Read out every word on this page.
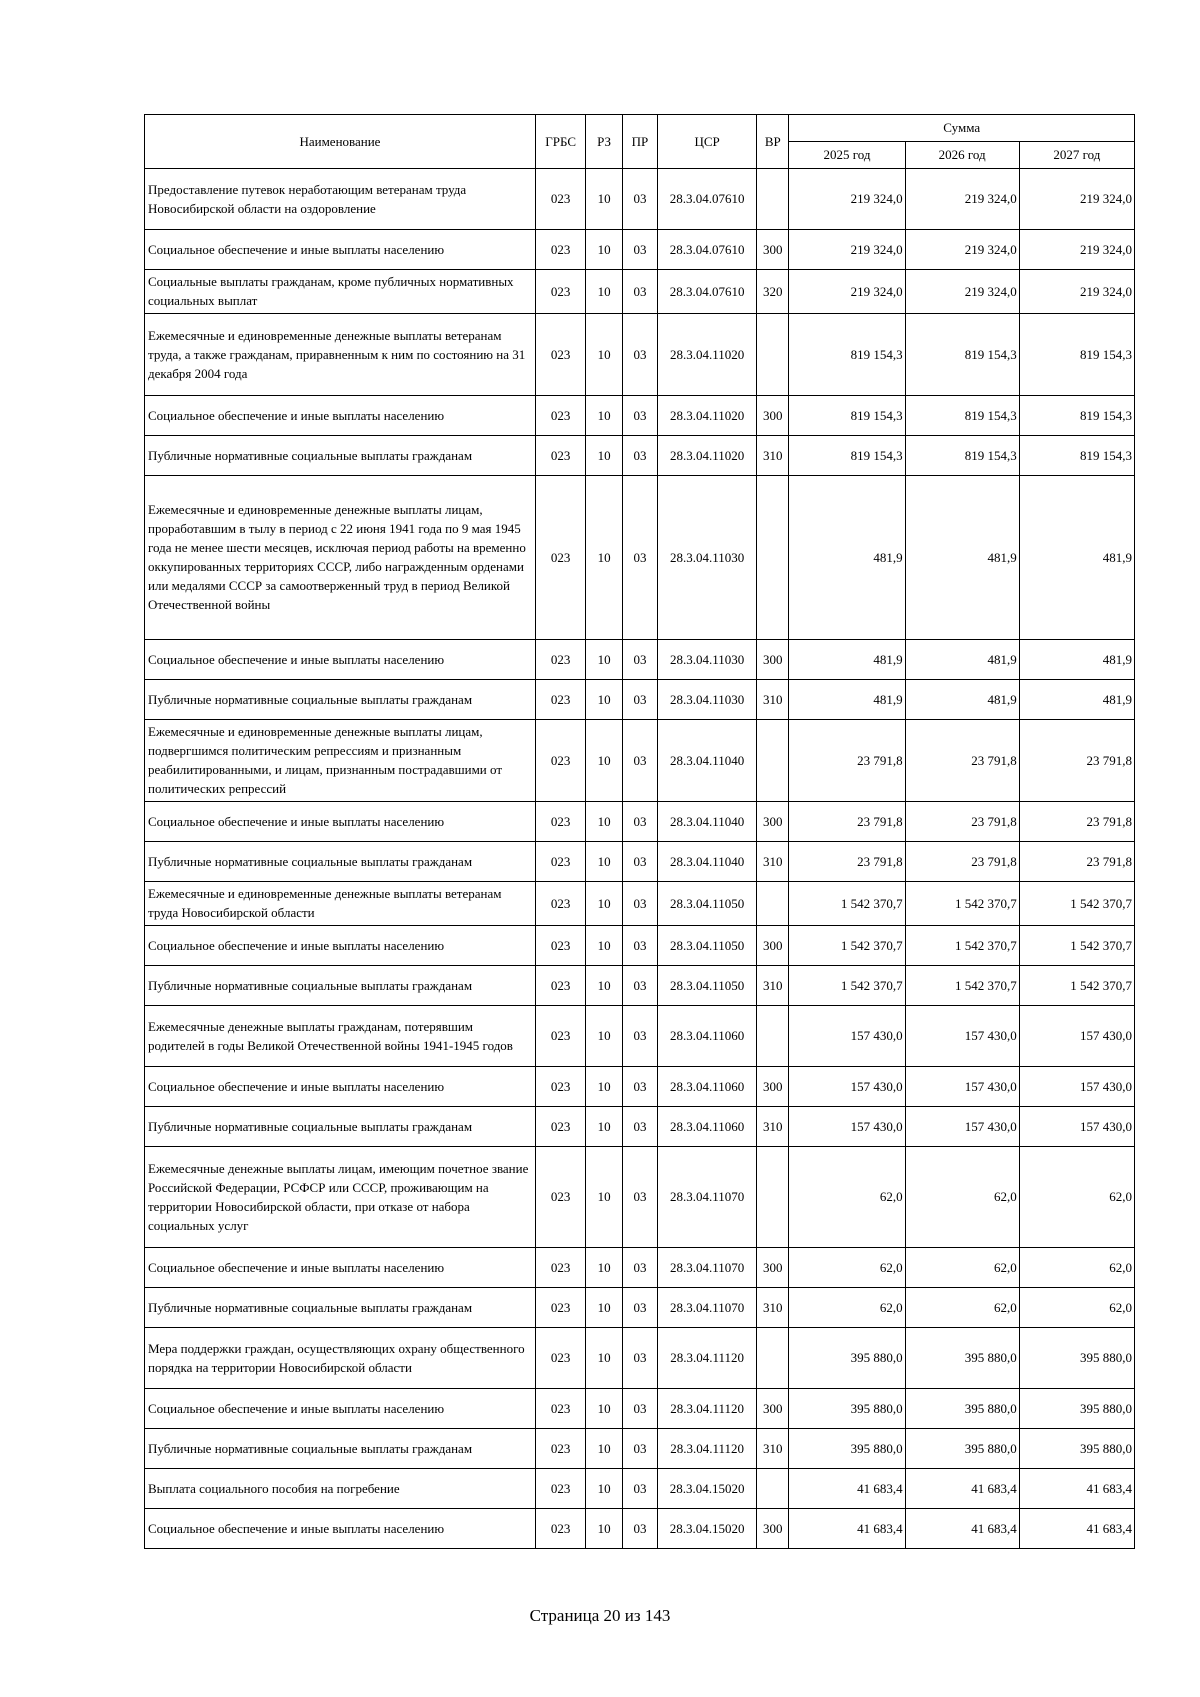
Наименование	ГРБС	РЗ	ПР	ЦСР	ВР	Сумма		
						2025 год	2026 год	2027 год
Предоставление путевок неработающим ветеранам труда Новосибирской области на оздоровление	023	10	03	28.3.04.07610		219 324,0	219 324,0	219 324,0
Социальное обеспечение и иные выплаты населению	023	10	03	28.3.04.07610	300	219 324,0	219 324,0	219 324,0
Социальные выплаты гражданам, кроме публичных нормативных социальных выплат	023	10	03	28.3.04.07610	320	219 324,0	219 324,0	219 324,0
Ежемесячные и единовременные денежные выплаты ветеранам труда, а также гражданам, приравненным к ним по состоянию на 31 декабря 2004 года	023	10	03	28.3.04.11020		819 154,3	819 154,3	819 154,3
Социальное обеспечение и иные выплаты населению	023	10	03	28.3.04.11020	300	819 154,3	819 154,3	819 154,3
Публичные нормативные социальные выплаты гражданам	023	10	03	28.3.04.11020	310	819 154,3	819 154,3	819 154,3
Ежемесячные и единовременные денежные выплаты лицам, проработавшим в тылу в период с 22 июня 1941 года по 9 мая 1945 года не менее шести месяцев, исключая период работы на временно оккупированных территориях СССР, либо награжденным орденами или медалями СССР за самоотверженный труд в период Великой Отечественной войны	023	10	03	28.3.04.11030		481,9	481,9	481,9
Социальное обеспечение и иные выплаты населению	023	10	03	28.3.04.11030	300	481,9	481,9	481,9
Публичные нормативные социальные выплаты гражданам	023	10	03	28.3.04.11030	310	481,9	481,9	481,9
Ежемесячные и единовременные денежные выплаты лицам, подвергшимся политическим репрессиям и признанным реабилитированными, и лицам, признанным пострадавшими от политических репрессий	023	10	03	28.3.04.11040		23 791,8	23 791,8	23 791,8
Социальное обеспечение и иные выплаты населению	023	10	03	28.3.04.11040	300	23 791,8	23 791,8	23 791,8
Публичные нормативные социальные выплаты гражданам	023	10	03	28.3.04.11040	310	23 791,8	23 791,8	23 791,8
Ежемесячные и единовременные денежные выплаты ветеранам труда Новосибирской области	023	10	03	28.3.04.11050		1 542 370,7	1 542 370,7	1 542 370,7
Социальное обеспечение и иные выплаты населению	023	10	03	28.3.04.11050	300	1 542 370,7	1 542 370,7	1 542 370,7
Публичные нормативные социальные выплаты гражданам	023	10	03	28.3.04.11050	310	1 542 370,7	1 542 370,7	1 542 370,7
Ежемесячные денежные выплаты гражданам, потерявшим родителей в годы Великой Отечественной войны 1941-1945 годов	023	10	03	28.3.04.11060		157 430,0	157 430,0	157 430,0
Социальное обеспечение и иные выплаты населению	023	10	03	28.3.04.11060	300	157 430,0	157 430,0	157 430,0
Публичные нормативные социальные выплаты гражданам	023	10	03	28.3.04.11060	310	157 430,0	157 430,0	157 430,0
Ежемесячные денежные выплаты лицам, имеющим почетное звание Российской Федерации, РСФСР или СССР, проживающим на территории Новосибирской области, при отказе от набора социальных услуг	023	10	03	28.3.04.11070		62,0	62,0	62,0
Социальное обеспечение и иные выплаты населению	023	10	03	28.3.04.11070	300	62,0	62,0	62,0
Публичные нормативные социальные выплаты гражданам	023	10	03	28.3.04.11070	310	62,0	62,0	62,0
Мера поддержки граждан, осуществляющих охрану общественного порядка на территории Новосибирской области	023	10	03	28.3.04.11120		395 880,0	395 880,0	395 880,0
Социальное обеспечение и иные выплаты населению	023	10	03	28.3.04.11120	300	395 880,0	395 880,0	395 880,0
Публичные нормативные социальные выплаты гражданам	023	10	03	28.3.04.11120	310	395 880,0	395 880,0	395 880,0
Выплата социального пособия на погребение	023	10	03	28.3.04.15020		41 683,4	41 683,4	41 683,4
Социальное обеспечение и иные выплаты населению	023	10	03	28.3.04.15020	300	41 683,4	41 683,4	41 683,4
Страница 20 из 143
